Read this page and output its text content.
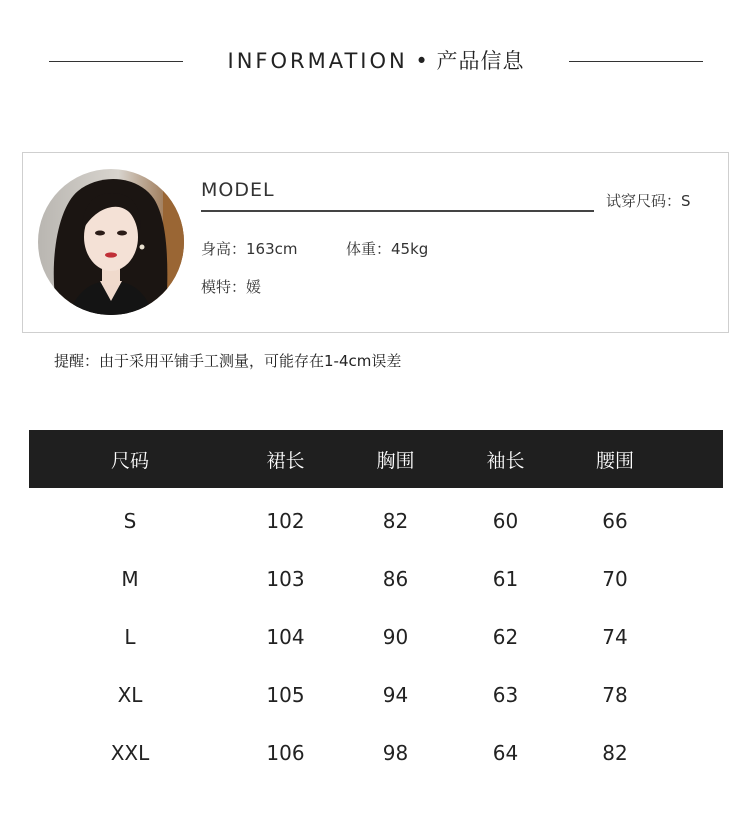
INFORMATION • 产品信息
MODEL	试穿尺码：S
身高：163cm	体重：45kg
模特：媛
提醒：由于采用平铺手工测量，可能存在1-4cm误差
尺码	裙长	胸围	袖长	腰围	
S	102	82	60	66	
M	103	86	61	70	
L	104	90	62	74	
XL	105	94	63	78	
XXL	106	98	64	82	
